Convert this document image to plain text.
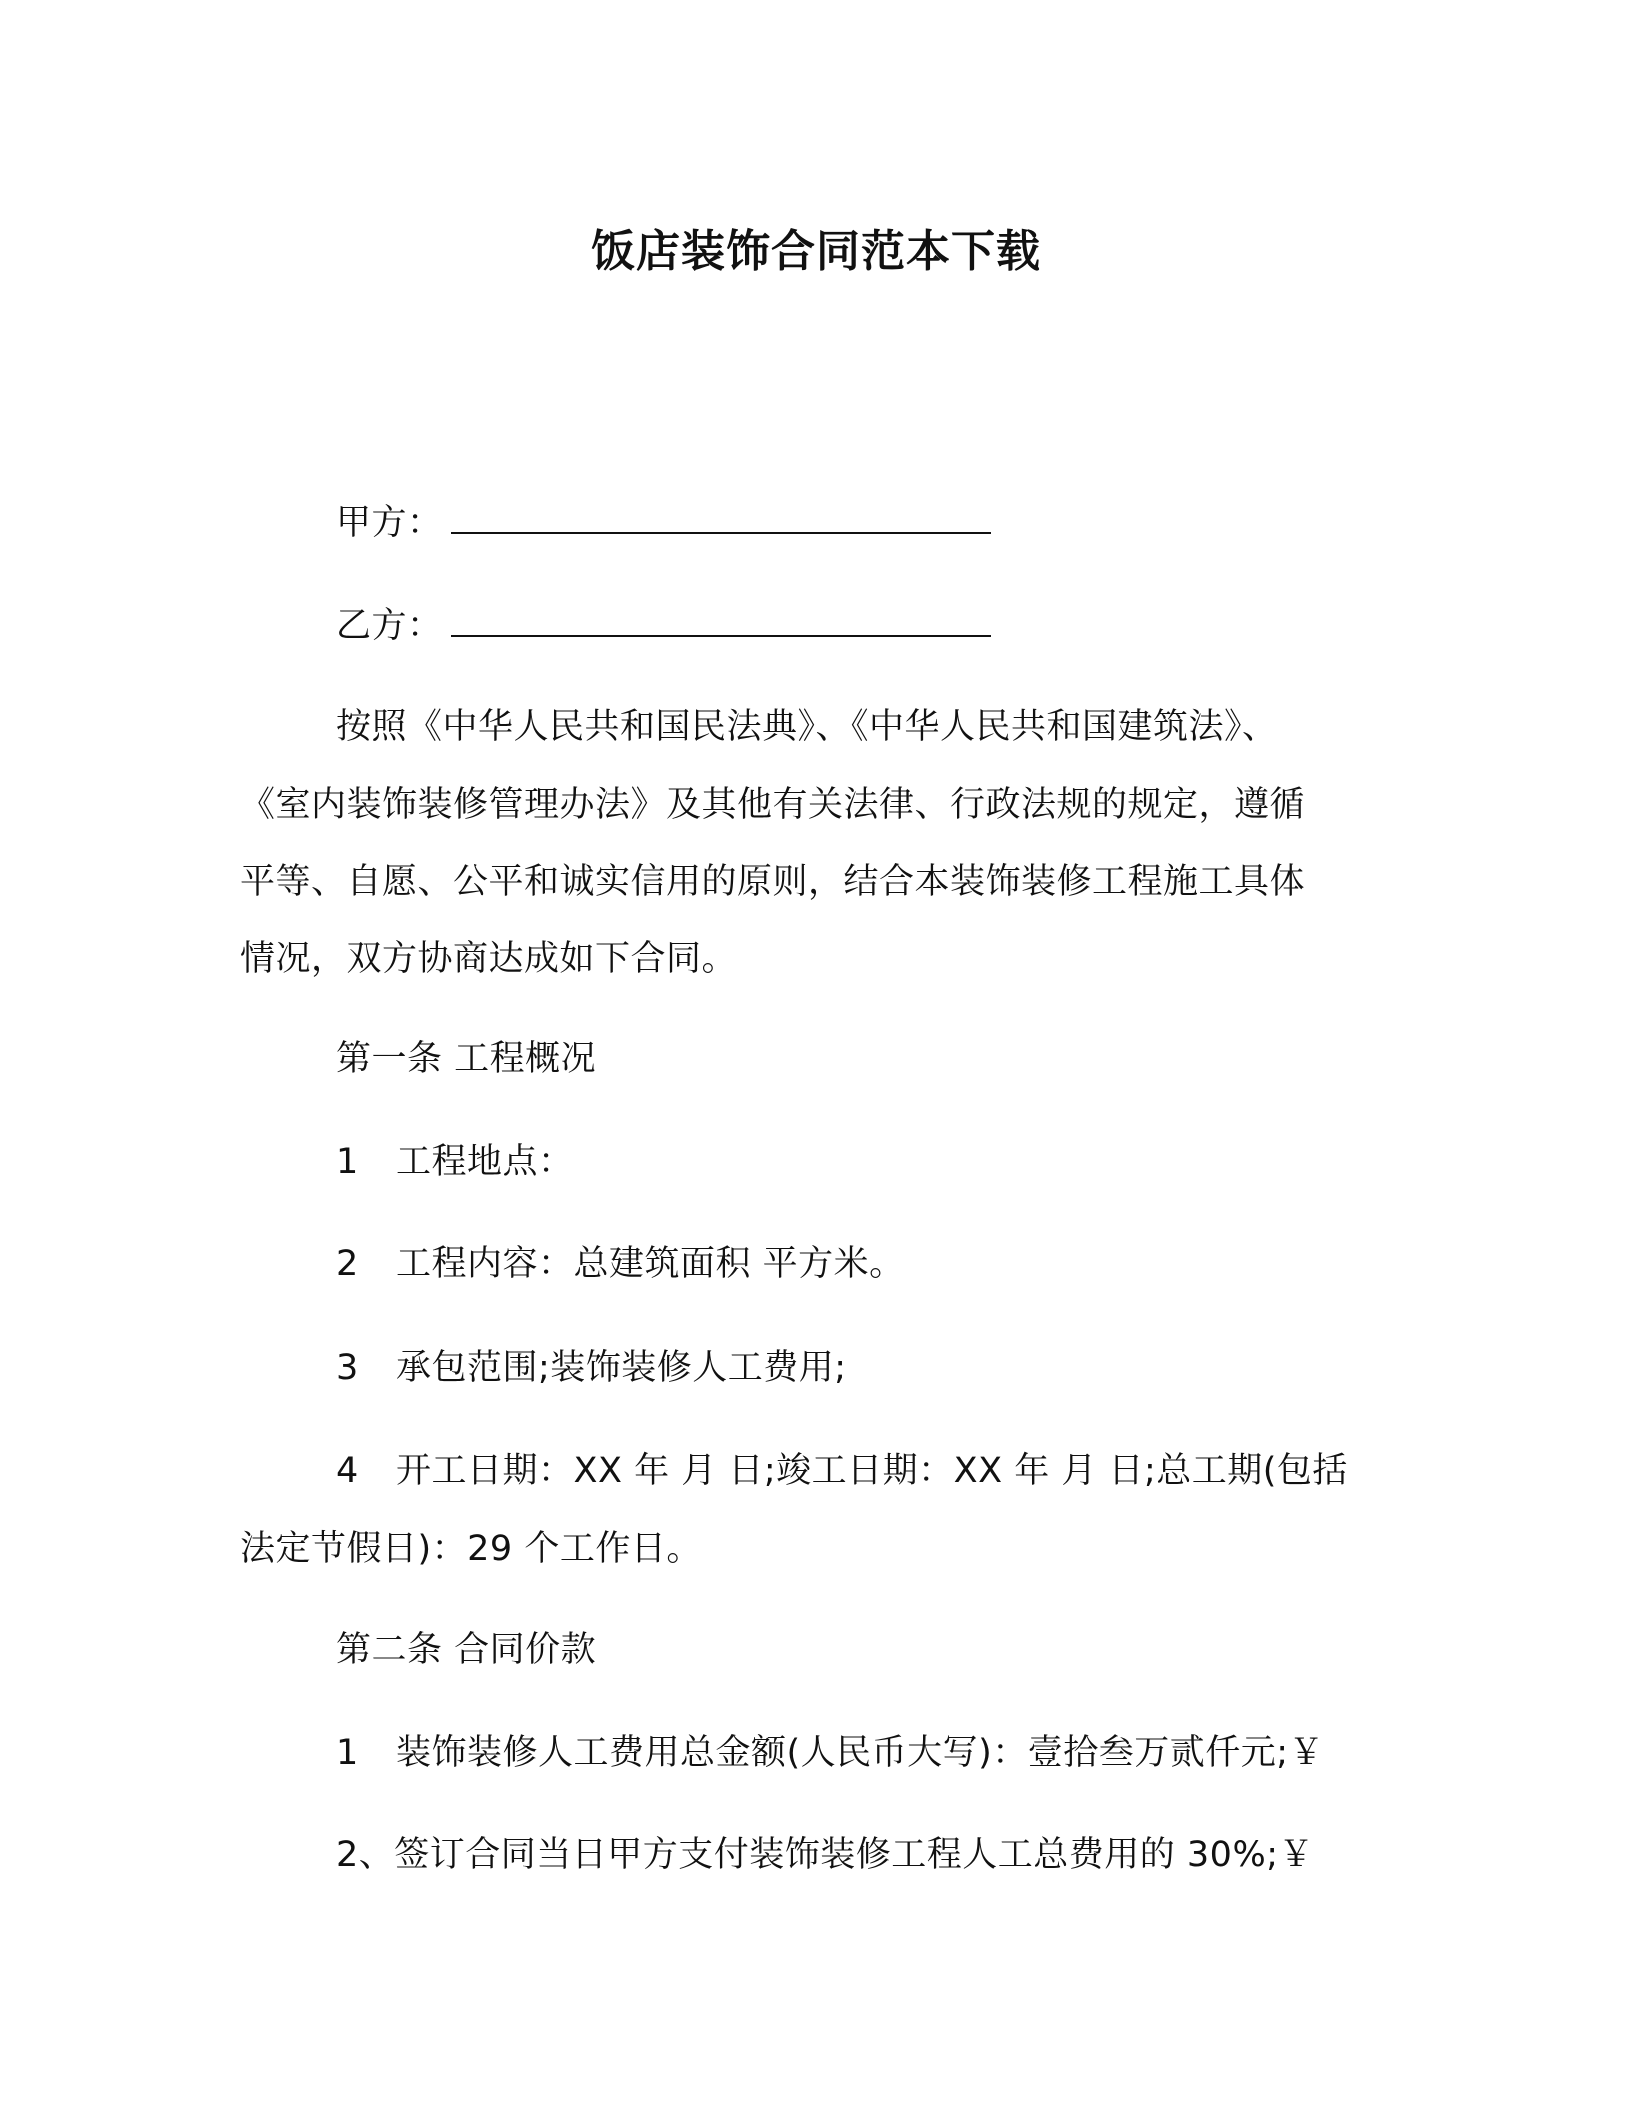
饭店装饰合同范本下载
甲方：
乙方：
按照《中华人民共和国民法典》、《中华人民共和国建筑法》、
《室内装饰装修管理办法》及其他有关法律、行政法规的规定，遵循
平等、自愿、公平和诚实信用的原则，结合本装饰装修工程施工具体
情况，双方协商达成如下合同。
第一条 工程概况
1 工程地点：
2 工程内容：总建筑面积 平方米。
3 承包范围;装饰装修人工费用;
4 开工日期：XX 年 月 日;竣工日期：XX 年 月 日;总工期(包括
法定节假日)：29 个工作日。
第二条 合同价款
1 装饰装修人工费用总金额(人民币大写)：壹拾叁万贰仟元;￥
2、签订合同当日甲方支付装饰装修工程人工总费用的 30%;￥
